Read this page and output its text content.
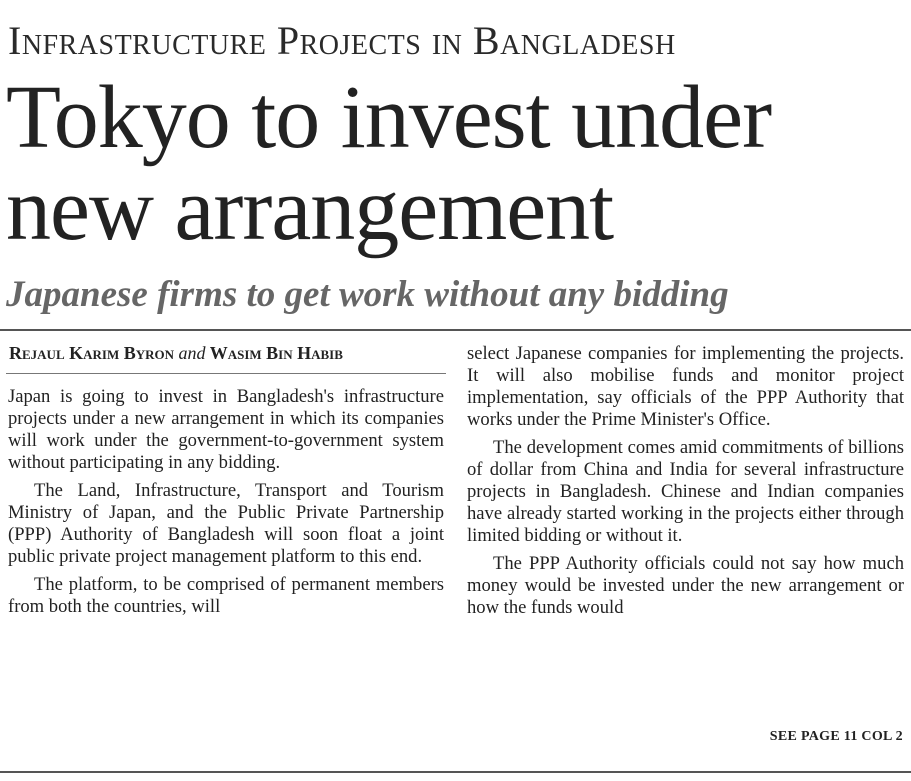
Infrastructure Projects in Bangladesh
Tokyo to invest under new arrangement
Japanese firms to get work without any bidding
Rejaul Karim Byron and Wasim Bin Habib

Japan is going to invest in Bangladesh's infrastructure projects under a new arrangement in which its companies will work under the government-to-government system without participating in any bidding.

The Land, Infrastructure, Transport and Tourism Ministry of Japan, and the Public Private Partnership (PPP) Authority of Bangladesh will soon float a joint public private project management platform to this end.

The platform, to be comprised of permanent members from both the countries, will

select Japanese companies for implementing the projects. It will also mobilise funds and monitor project implementation, say officials of the PPP Authority that works under the Prime Minister's Office.

The development comes amid commitments of billions of dollar from China and India for several infrastructure projects in Bangladesh. Chinese and Indian companies have already started working in the projects either through limited bidding or without it.

The PPP Authority officials could not say how much money would be invested under the new arrangement or how the funds would

SEE PAGE 11 COL 2
